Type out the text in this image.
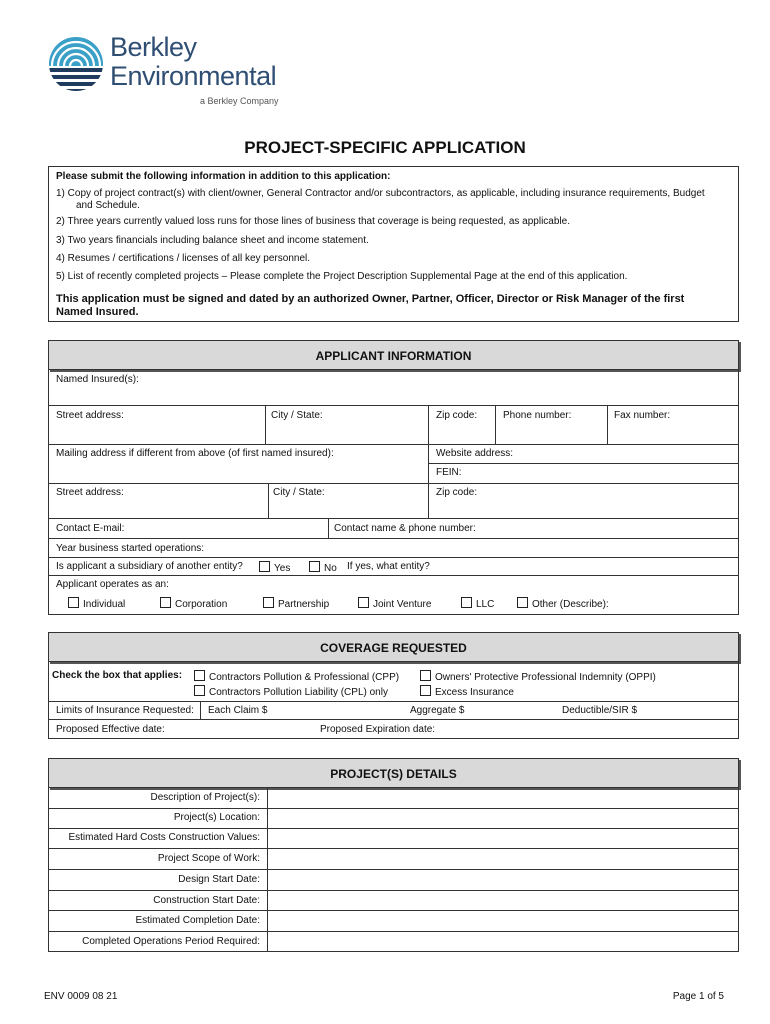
Berkley
Environmental
a Berkley Company
PROJECT-SPECIFIC APPLICATION
Please submit the following information in addition to this application:
1) Copy of project contract(s) with client/owner, General Contractor and/or subcontractors, as applicable, including insurance requirements, Budget
and Schedule.
2) Three years currently valued loss runs for those lines of business that coverage is being requested, as applicable.
3) Two years financials including balance sheet and income statement.
4) Resumes / certifications / licenses of all key personnel.
5) List of recently completed projects – Please complete the Project Description Supplemental Page at the end of this application.
This application must be signed and dated by an authorized Owner, Partner, Officer, Director or Risk Manager of the first
Named Insured.
APPLICANT INFORMATION
Named Insured(s):
Street address:	City / State:	Zip code:	Phone number:	Fax number:
Mailing address if different from above (of first named insured):	Website address:
FEIN:
Street address:	City / State:	Zip code:
Contact E-mail:	Contact name & phone number:
Year business started operations:
Is applicant a subsidiary of another entity?	Yes	No If yes, what entity?
Applicant operates as an:
Individual	Corporation	Partnership	Joint Venture	LLC	Other (Describe):
COVERAGE REQUESTED
Check the box that applies:	Contractors Pollution & Professional (CPP)	Owners' Protective Professional Indemnity (OPPI)
Contractors Pollution Liability (CPL) only	Excess Insurance
Limits of Insurance Requested: Each Claim $	Aggregate $	Deductible/SIR $
Proposed Effective date:	Proposed Expiration date:
PROJECT(S) DETAILS
Description of Project(s):
Project(s) Location:
Estimated Hard Costs Construction Values:
Project Scope of Work:
Design Start Date:
Construction Start Date:
Estimated Completion Date:
Completed Operations Period Required:
ENV 0009 08 21	Page 1 of 5
